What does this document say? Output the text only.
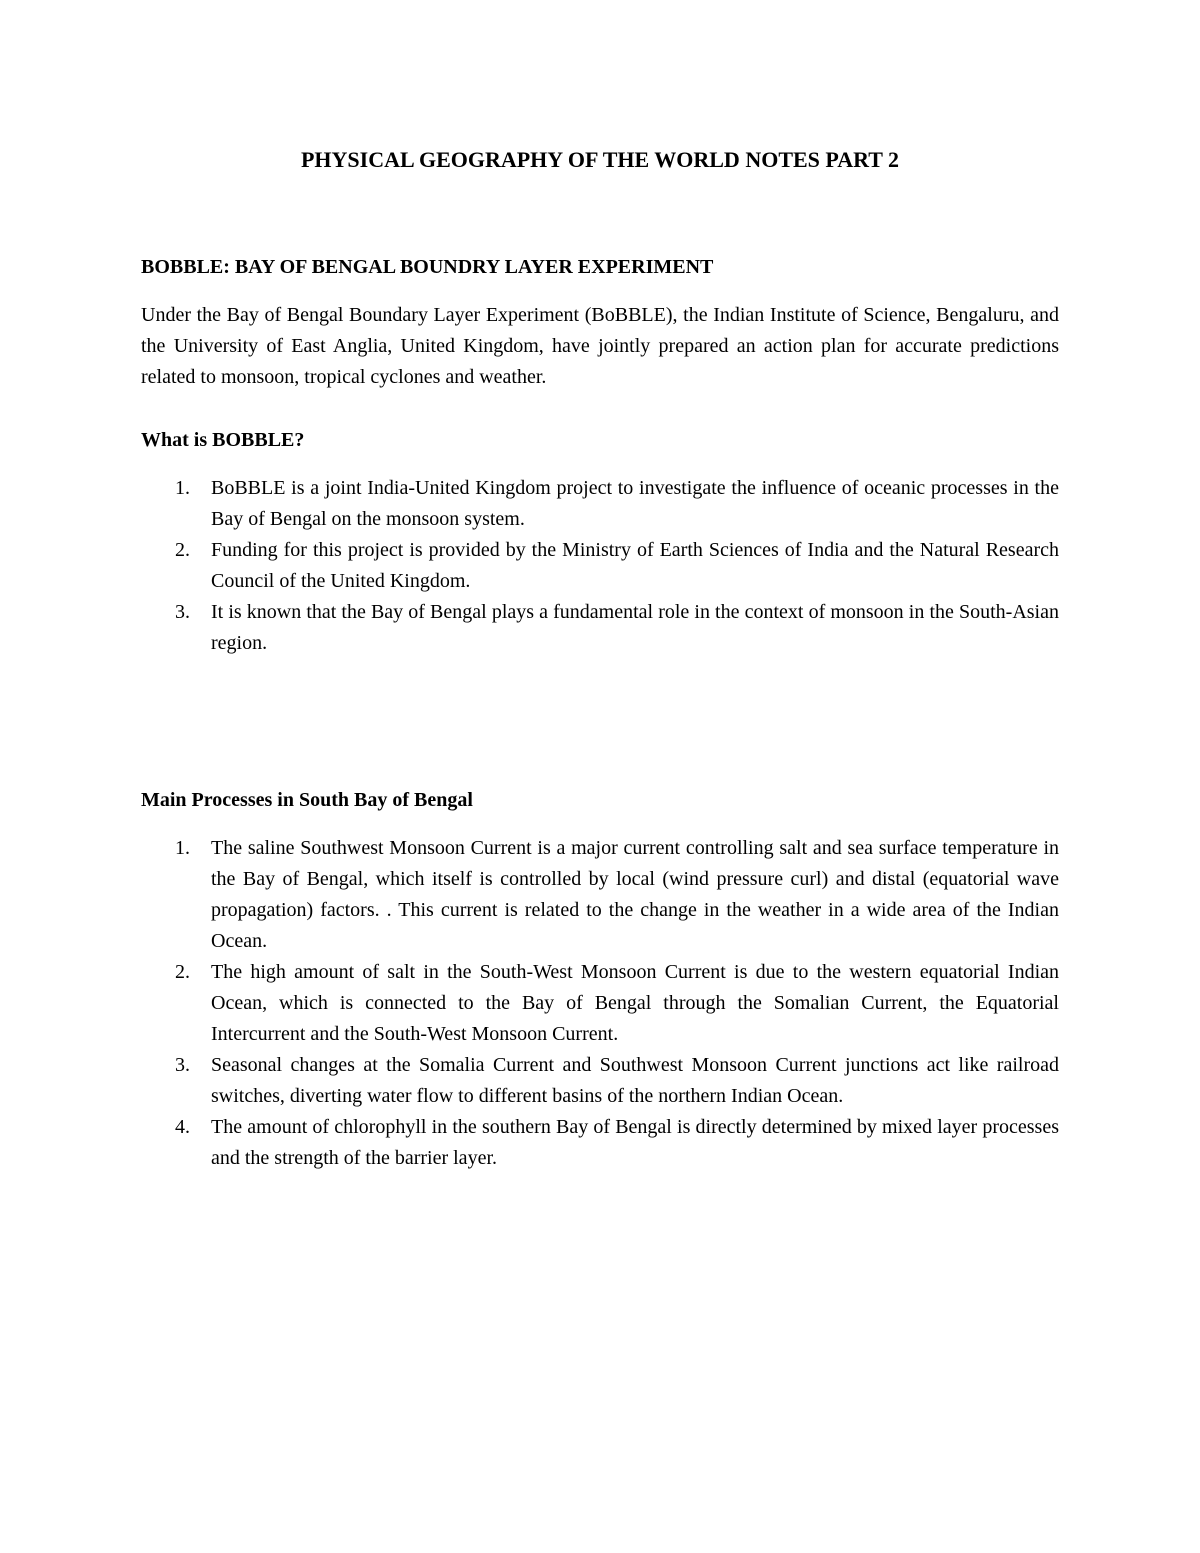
PHYSICAL GEOGRAPHY OF THE WORLD NOTES PART 2
BOBBLE: BAY OF BENGAL BOUNDRY LAYER EXPERIMENT

Under the Bay of Bengal Boundary Layer Experiment (BoBBLE), the Indian Institute of Science, Bengaluru, and the University of East Anglia, United Kingdom, have jointly prepared an action plan for accurate predictions related to monsoon, tropical cyclones and weather.

What is BOBBLE?
1. BoBBLE is a joint India-United Kingdom project to investigate the influence of oceanic processes in the Bay of Bengal on the monsoon system.
2. Funding for this project is provided by the Ministry of Earth Sciences of India and the Natural Research Council of the United Kingdom.
3. It is known that the Bay of Bengal plays a fundamental role in the context of monsoon in the South-Asian region.
Main Processes in South Bay of Bengal
1. The saline Southwest Monsoon Current is a major current controlling salt and sea surface temperature in the Bay of Bengal, which itself is controlled by local (wind pressure curl) and distal (equatorial wave propagation) factors. . This current is related to the change in the weather in a wide area of the Indian Ocean.
2. The high amount of salt in the South-West Monsoon Current is due to the western equatorial Indian Ocean, which is connected to the Bay of Bengal through the Somalian Current, the Equatorial Intercurrent and the South-West Monsoon Current.
3. Seasonal changes at the Somalia Current and Southwest Monsoon Current junctions act like railroad switches, diverting water flow to different basins of the northern Indian Ocean.
4. The amount of chlorophyll in the southern Bay of Bengal is directly determined by mixed layer processes and the strength of the barrier layer.
